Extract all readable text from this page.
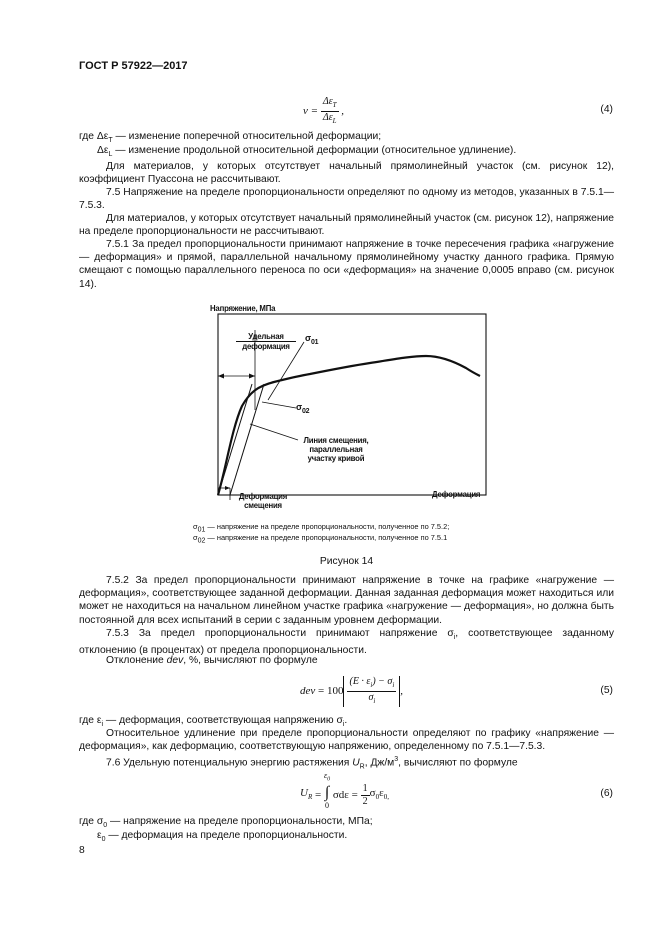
ГОСТ Р 57922—2017
$\nu = \frac{\Delta\varepsilon_T}{\Delta\varepsilon_L}$ ,	(4)
где $\Delta\varepsilon_T$ — изменение поперечной относительной деформации;
$\Delta\varepsilon_L$ — изменение продольной относительной деформации (относительное удлинение).
Для материалов, у которых отсутствует начальный прямолинейный участок (см. рисунок 12), коэффициент Пуассона не рассчитывают.
7.5 Напряжение на пределе пропорциональности определяют по одному из методов, указанных в 7.5.1—7.5.3.
Для материалов, у которых отсутствует начальный прямолинейный участок (см. рисунок 12), напряжение на пределе пропорциональности не рассчитывают.
7.5.1 За предел пропорциональности принимают напряжение в точке пересечения графика «нагружение — деформация» и прямой, параллельной начальному прямолинейному участку данного графика. Прямую смещают с помощью параллельного переноса по оси «деформация» на значение 0,0005 вправо (см. рисунок 14).
Напряжение, МПа
Удельная
деформация
$\sigma_{01}$
$\sigma_{02}$
Линия смещения,
параллельная
участку кривой
Деформация
Деформация
смещения
$\sigma_{01}$ — напряжение на пределе пропорциональности, полученное по 7.5.2;
$\sigma_{02}$ — напряжение на пределе пропорциональности, полученное по 7.5.1
Рисунок 14
7.5.2 За предел пропорциональности принимают напряжение в точке на графике «нагружение — деформация», соответствующее заданной деформации. Данная заданная деформация может находиться или может не находиться на начальном линейном участке графика «нагружение — деформация», но должна быть постоянной для всех испытаний в серии с заданным уровнем деформации.
7.5.3 За предел пропорциональности принимают напряжение $\sigma_i$, соответствующее заданному отклонению (в процентах) от предела пропорциональности.
Отклонение dev, %, вычисляют по формуле
dev = $100 \frac{(E \cdot \varepsilon_i) - \sigma_i}{\sigma_i}$ ,	(5)
где $\varepsilon_i$ — деформация, соответствующая напряжению $\sigma_i$.
Относительное удлинение при пределе пропорциональности определяют по графику «напряжение — деформация», как деформацию, соответствующую напряжению, определенному по 7.5.1—7.5.3.
7.6 Удельную потенциальную энергию растяжения $U_R$, $Дж/м^3$, вычисляют по формуле
$U_R$ =
$\varepsilon_0$
∫
0
$\sigma d\varepsilon = \frac{1}{2} \sigma_0\varepsilon_{0,}$	(6)
где $\sigma_0$ — напряжение на пределе пропорциональности, МПа;
$\varepsilon_0$ — деформация на пределе пропорциональности.
8
